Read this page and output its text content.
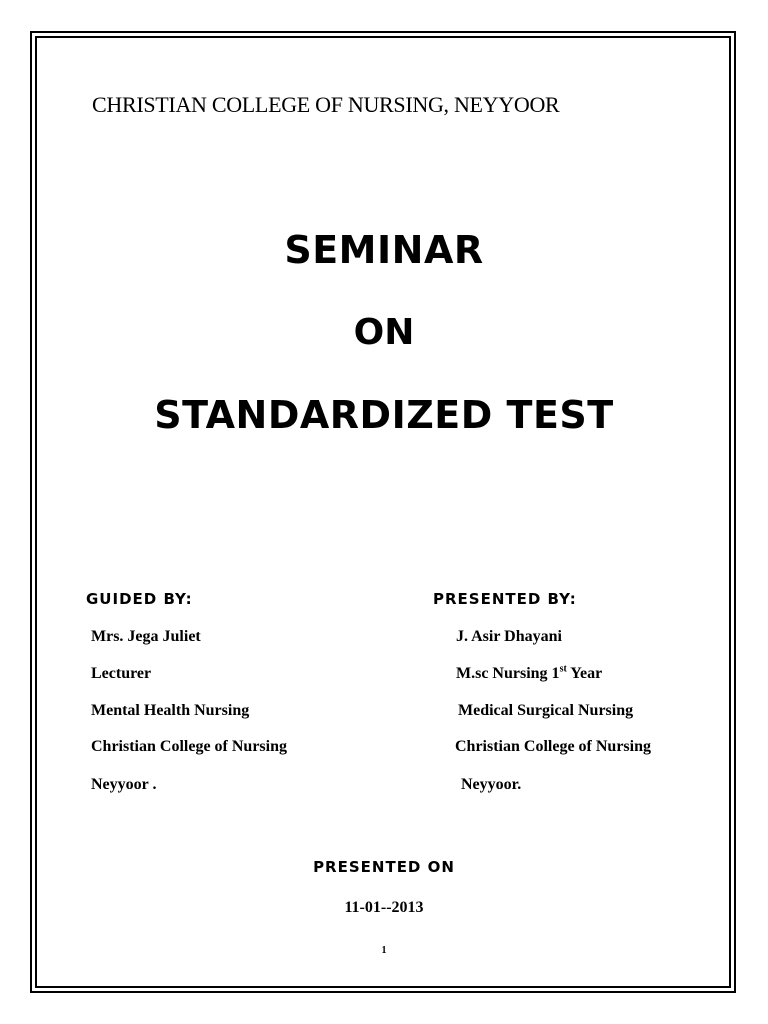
CHRISTIAN COLLEGE OF NURSING, NEYYOOR
SEMINAR
ON
STANDARDIZED TEST
GUIDED BY:	PRESENTED BY:
Mrs. Jega Juliet
Lecturer
Mental Health Nursing
Christian College of Nursing
Neyyoor .
J. Asir Dhayani
M.sc Nursing 1st Year
Medical Surgical Nursing
Christian College of Nursing
Neyyoor.
PRESENTED ON
11-01--2013
1
